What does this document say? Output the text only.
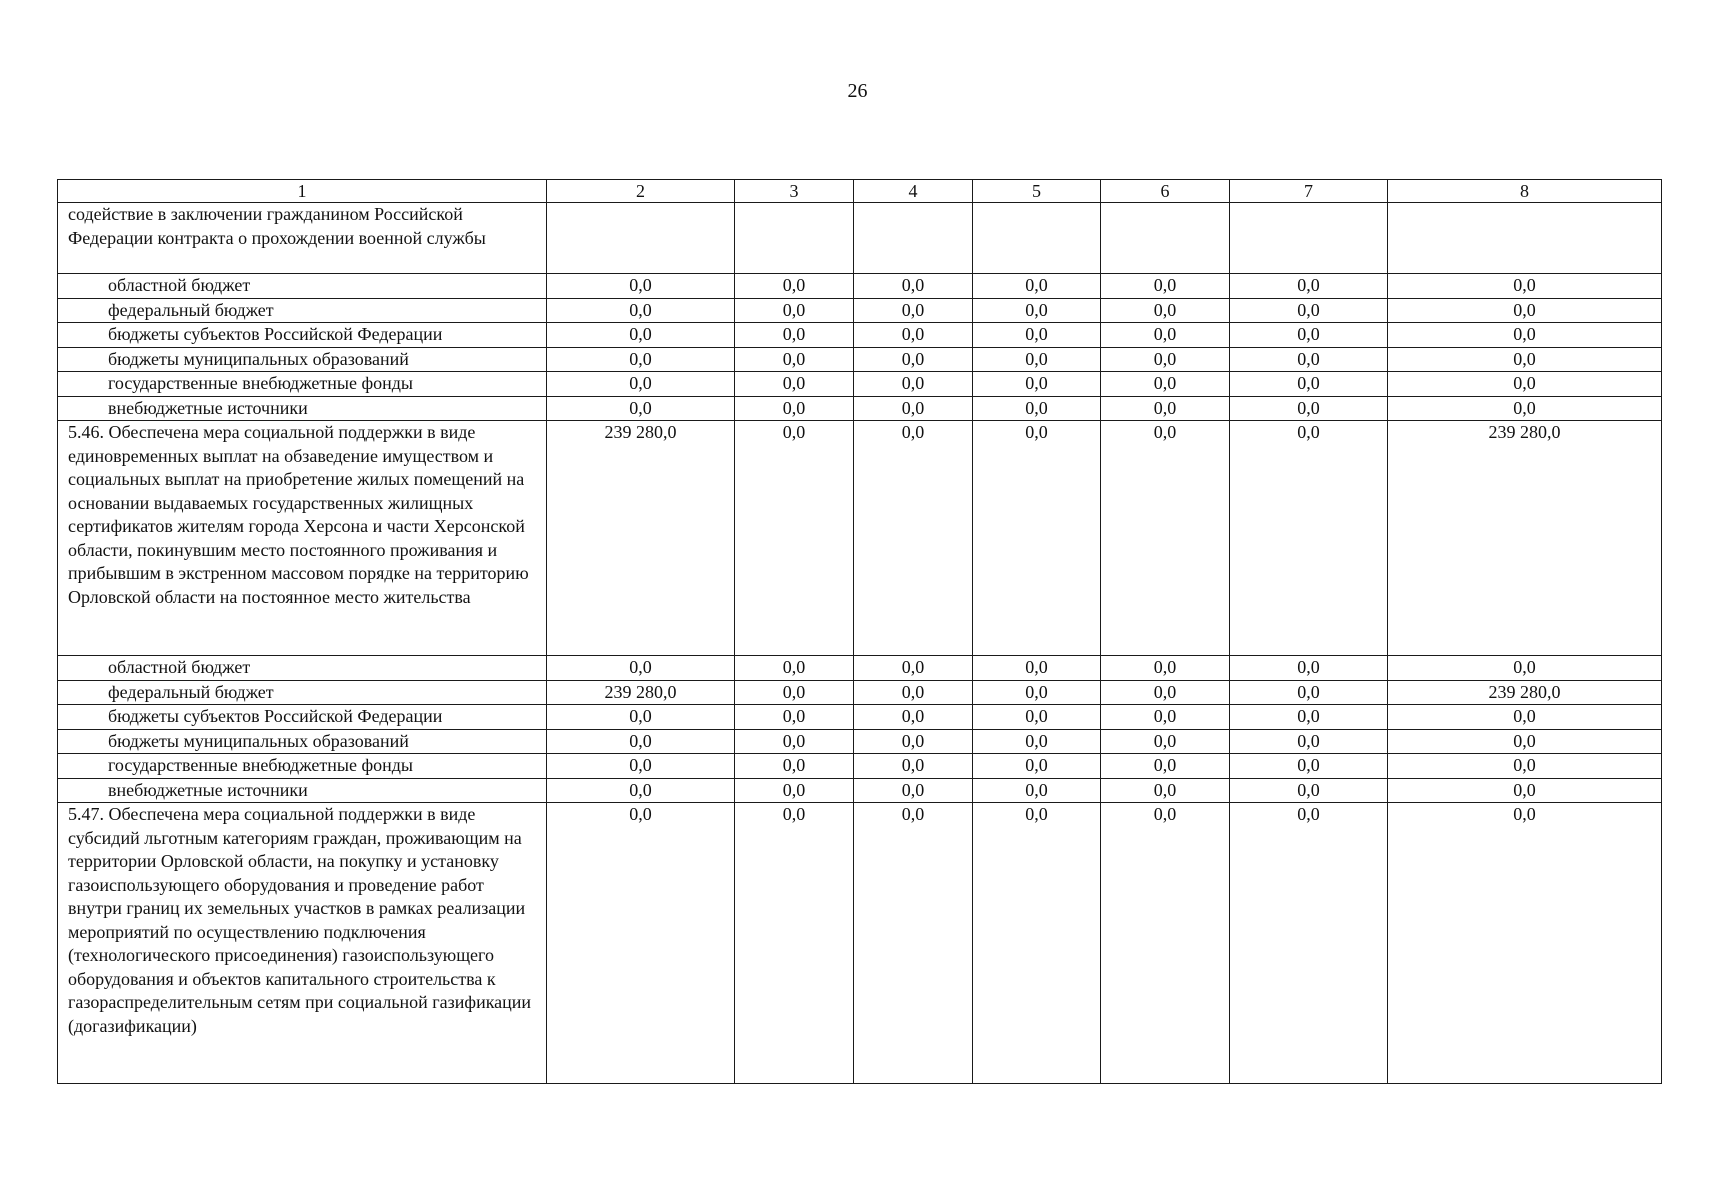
26
1	2	3	4	5	6	7	8
содействие в заключении гражданином Российской Федерации контракта о прохождении военной службы							
областной бюджет	0,0	0,0	0,0	0,0	0,0	0,0	0,0
федеральный бюджет	0,0	0,0	0,0	0,0	0,0	0,0	0,0
бюджеты субъектов Российской Федерации	0,0	0,0	0,0	0,0	0,0	0,0	0,0
бюджеты муниципальных образований	0,0	0,0	0,0	0,0	0,0	0,0	0,0
государственные внебюджетные фонды	0,0	0,0	0,0	0,0	0,0	0,0	0,0
внебюджетные источники	0,0	0,0	0,0	0,0	0,0	0,0	0,0
5.46. Обеспечена мера социальной поддержки в виде единовременных выплат на обзаведение имуществом и социальных выплат на приобретение жилых помещений на основании выдаваемых государственных жилищных сертификатов жителям города Херсона и части Херсонской области, покинувшим место постоянного проживания и прибывшим в экстренном массовом порядке на территорию Орловской области на постоянное место жительства	239 280,0	0,0	0,0	0,0	0,0	0,0	239 280,0
областной бюджет	0,0	0,0	0,0	0,0	0,0	0,0	0,0
федеральный бюджет	239 280,0	0,0	0,0	0,0	0,0	0,0	239 280,0
бюджеты субъектов Российской Федерации	0,0	0,0	0,0	0,0	0,0	0,0	0,0
бюджеты муниципальных образований	0,0	0,0	0,0	0,0	0,0	0,0	0,0
государственные внебюджетные фонды	0,0	0,0	0,0	0,0	0,0	0,0	0,0
внебюджетные источники	0,0	0,0	0,0	0,0	0,0	0,0	0,0
5.47. Обеспечена мера социальной поддержки в виде субсидий льготным категориям граждан, проживающим на территории Орловской области, на покупку и установку газоиспользующего оборудования и проведение работ внутри границ их земельных участков в рамках реализации мероприятий по осуществлению подключения (технологического присоединения) газоиспользующего оборудования и объектов капитального строительства к газораспределительным сетям при социальной газификации (догазификации)	0,0	0,0	0,0	0,0	0,0	0,0	0,0
